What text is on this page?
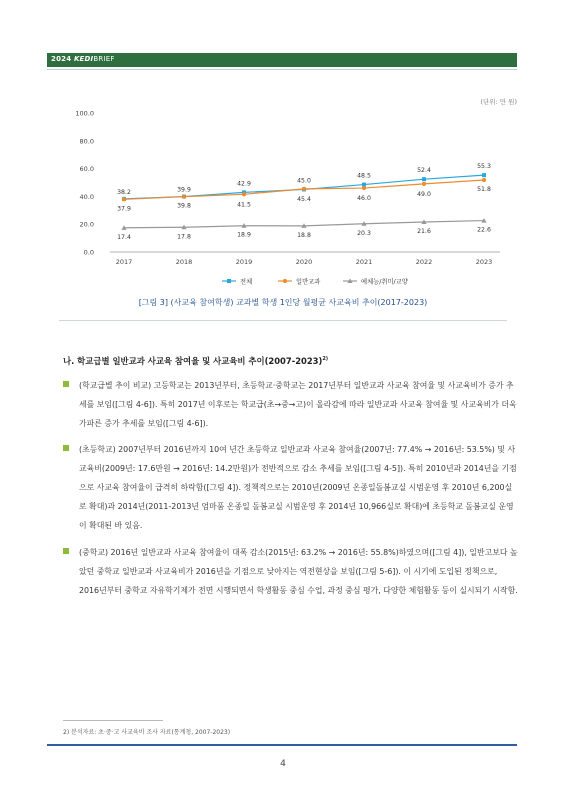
2024 KEDIBRIEF
(단위: 만 원)
0.0
20.0
40.0
60.0
80.0
100.0
2017	2018	2019	2020	2021	2022	2023
38.2	39.9
42.9	45.0
48.5
52.4
55.3
37.9	39.8	41.5
45.4	46.0
49.0
51.8
17.4	17.8	18.9	18.8	20.3	21.6	22.6
전체	일반교과	예체능/취미/교양
[그림 3] (사교육 참여학생) 교과별 학생 1인당 월평균 사교육비 추이(2017-2023)
나. 학교급별 일반교과 사교육 참여율 및 사교육비 추이(2007-2023)$^{2)}$
(학교급별 추이 비교) 고등학교는 2013년부터, 초등학교·중학교는 2017년부터 일반교과 사교육 참여율 및 사교육비가 증가 추세를 보임([그림 4-6]). 특히 2017년 이후로는 학교급(초→중→고)이 올라감에 따라 일반교과 사교육 참여율 및 사교육비가 더욱 가파른 증가 추세를 보임([그림 4-6]).
(초등학교) 2007년부터 2016년까지 10여 년간 초등학교 일반교과 사교육 참여율(2007년: 77.4% → 2016년: 53.5%) 및 사교육비(2009년: 17.6만원 → 2016년: 14.2만원)가 전반적으로 감소 추세를 보임([그림 4-5]). 특히 2010년과 2014년을 기점으로 사교육 참여율이 급격히 하락함([그림 4]). 정책적으로는 2010년(2009년 온종일돌봄교실 시범운영 후 2010년 6,200실로 확대)과 2014년(2011-2013년 엄마품 온종일 돌봄교실 시범운영 후 2014년 10,966실로 확대)에 초등학교 돌봄교실 운영이 확대된 바 있음.
(중학교) 2016년 일반교과 사교육 참여율이 대폭 감소(2015년: 63.2% → 2016년: 55.8%)하였으며([그림 4]), 일반고보다 높았던 중학교 일반교과 사교육비가 2016년을 기점으로 낮아지는 역전현상을 보임([그림 5-6]). 이 시기에 도입된 정책으로, 2016년부터 중학교 자유학기제가 전면 시행되면서 학생활동 중심 수업, 과정 중심 평가, 다양한 체험활동 등이 실시되기 시작함.
2) 분석자료: 초·중·고 사교육비 조사 자료(통계청, 2007-2023)
4
